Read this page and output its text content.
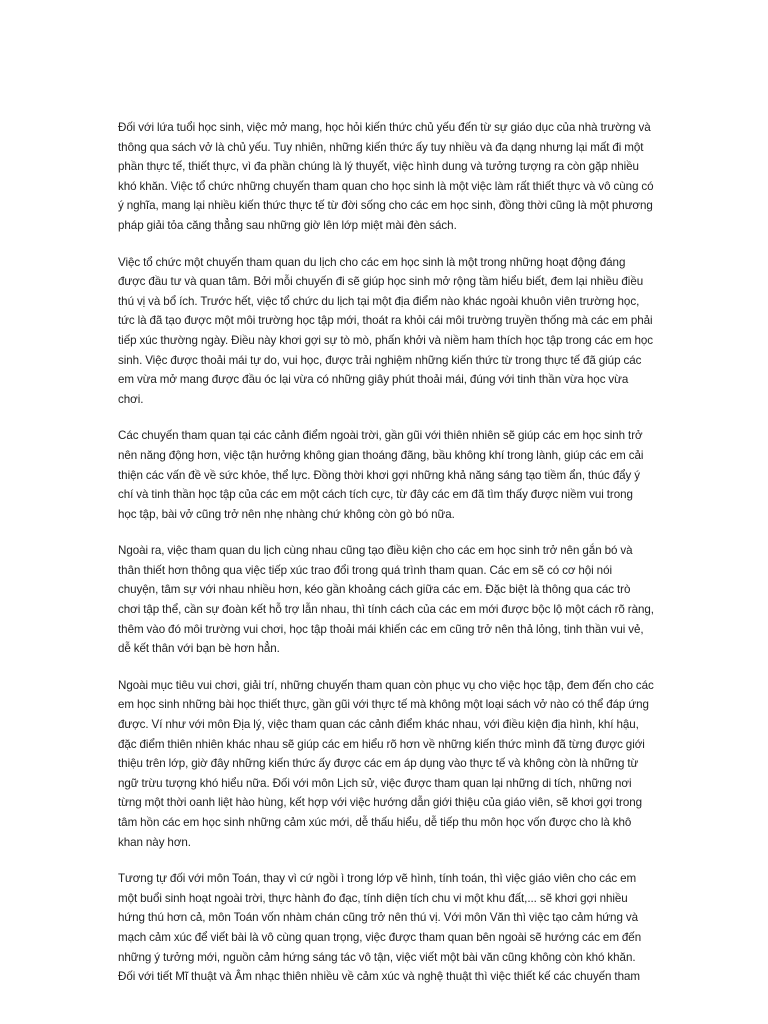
Đối với lứa tuổi học sinh, việc mở mang, học hỏi kiến thức chủ yếu đến từ sự giáo dục của nhà trường và thông qua sách vở là chủ yếu. Tuy nhiên, những kiến thức ấy tuy nhiều và đa dạng nhưng lại mất đi một phần thực tế, thiết thực, vì đa phần chúng là lý thuyết, việc hình dung và tưởng tượng ra còn gặp nhiều khó khăn. Việc tổ chức những chuyến tham quan cho học sinh là một việc làm rất thiết thực và vô cùng có ý nghĩa, mang lại nhiều kiến thức thực tế từ đời sống cho các em học sinh, đồng thời cũng là một phương pháp giải tỏa căng thẳng sau những giờ lên lớp miệt mài đèn sách.

Việc tổ chức một chuyến tham quan du lịch cho các em học sinh là một trong những hoạt động đáng được đầu tư và quan tâm. Bởi mỗi chuyến đi sẽ giúp học sinh mở rộng tầm hiểu biết, đem lại nhiều điều thú vị và bổ ích. Trước hết, việc tổ chức du lịch tại một địa điểm nào khác ngoài khuôn viên trường học, tức là đã tạo được một môi trường học tập mới, thoát ra khỏi cái môi trường truyền thống mà các em phải tiếp xúc thường ngày. Điều này khơi gợi sự tò mò, phấn khởi và niềm ham thích học tập trong các em học sinh. Việc được thoải mái tự do, vui học, được trải nghiệm những kiến thức từ trong thực tế đã giúp các em vừa mở mang được đầu óc lại vừa có những giây phút thoải mái, đúng với tinh thần vừa học vừa chơi.

Các chuyến tham quan tại các cảnh điểm ngoài trời, gần gũi với thiên nhiên sẽ giúp các em học sinh trở nên năng động hơn, việc tận hưởng không gian thoáng đãng, bầu không khí trong lành, giúp các em cải thiện các vấn đề về sức khỏe, thể lực. Đồng thời khơi gợi những khả năng sáng tạo tiềm ẩn, thúc đẩy ý chí và tinh thần học tập của các em một cách tích cực, từ đây các em đã tìm thấy được niềm vui trong học tập, bài vở cũng trở nên nhẹ nhàng chứ không còn gò bó nữa.

Ngoài ra, việc tham quan du lịch cùng nhau cũng tạo điều kiện cho các em học sinh trở nên gắn bó và thân thiết hơn thông qua việc tiếp xúc trao đổi trong quá trình tham quan. Các em sẽ có cơ hội nói chuyện, tâm sự với nhau nhiều hơn, kéo gần khoảng cách giữa các em. Đặc biệt là thông qua các trò chơi tập thể, cần sự đoàn kết hỗ trợ lẫn nhau, thì tính cách của các em mới được bộc lộ một cách rõ ràng, thêm vào đó môi trường vui chơi, học tập thoải mái khiến các em cũng trở nên thả lỏng, tinh thần vui vẻ, dễ kết thân với bạn bè hơn hẳn.

Ngoài mục tiêu vui chơi, giải trí, những chuyến tham quan còn phục vụ cho việc học tập, đem đến cho các em học sinh những bài học thiết thực, gần gũi với thực tế mà không một loại sách vở nào có thể đáp ứng được. Ví như với môn Địa lý, việc tham quan các cảnh điểm khác nhau, với điều kiện địa hình, khí hậu, đặc điểm thiên nhiên khác nhau sẽ giúp các em hiểu rõ hơn về những kiến thức mình đã từng được giới thiệu trên lớp, giờ đây những kiến thức ấy được các em áp dụng vào thực tế và không còn là những từ ngữ trừu tượng khó hiểu nữa. Đối với môn Lịch sử, việc được tham quan lại những di tích, những nơi từng một thời oanh liệt hào hùng, kết hợp với việc hướng dẫn giới thiệu của giáo viên, sẽ khơi gợi trong tâm hồn các em học sinh những cảm xúc mới, dễ thấu hiểu, dễ tiếp thu môn học vốn được cho là khô khan này hơn.

Tương tự đối với môn Toán, thay vì cứ ngồi ì trong lớp vẽ hình, tính toán, thì việc giáo viên cho các em một buổi sinh hoạt ngoài trời, thực hành đo đạc, tính diện tích chu vi một khu đất,... sẽ khơi gợi nhiều hứng thú hơn cả, môn Toán vốn nhàm chán cũng trở nên thú vị. Với môn Văn thì việc tạo cảm hứng và mạch cảm xúc để viết bài là vô cùng quan trọng, việc được tham quan bên ngoài sẽ hướng các em đến những ý tưởng mới, nguồn cảm hứng sáng tác vô tận, việc viết một bài văn cũng không còn khó khăn. Đối với tiết Mĩ thuật và Âm nhạc thiên nhiều về cảm xúc và nghệ thuật thì việc thiết kế các chuyến tham
